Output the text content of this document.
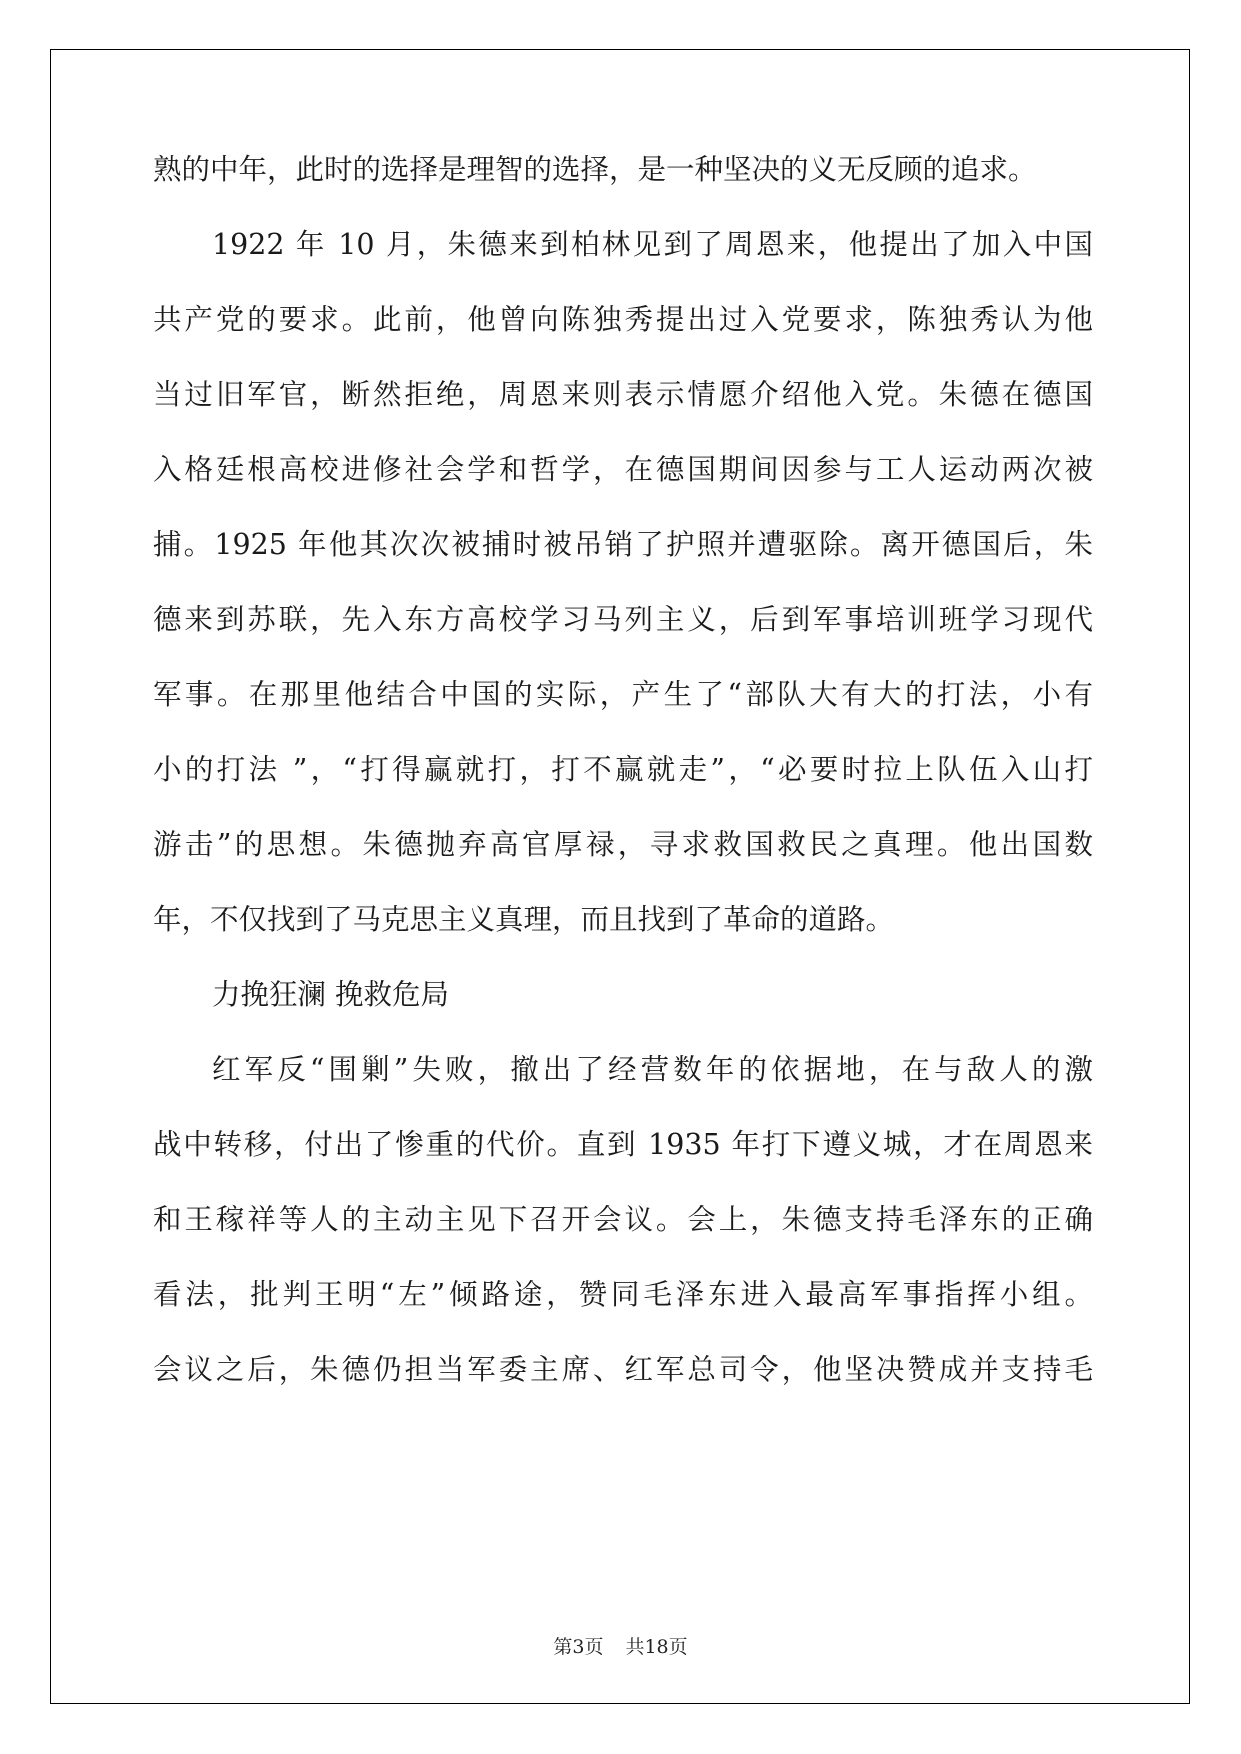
熟的中年，此时的选择是理智的选择，是一种坚决的义无反顾的追求。
1922 年 10 月，朱德来到柏林见到了周恩来，他提出了加入中国
共产党的要求。此前，他曾向陈独秀提出过入党要求，陈独秀认为他
当过旧军官，断然拒绝，周恩来则表示情愿介绍他入党。朱德在德国
入格廷根高校进修社会学和哲学，在德国期间因参与工人运动两次被
捕。1925 年他其次次被捕时被吊销了护照并遭驱除。离开德国后，朱
德来到苏联，先入东方高校学习马列主义，后到军事培训班学习现代
军事。在那里他结合中国的实际，产生了“部队大有大的打法，小有
小的打法 ”，“打得赢就打，打不赢就走”，“必要时拉上队伍入山打
游击”的思想。朱德抛弃高官厚禄，寻求救国救民之真理。他出国数
年，不仅找到了马克思主义真理，而且找到了革命的道路。
力挽狂澜 挽救危局
红军反“围剿”失败，撤出了经营数年的依据地，在与敌人的激
战中转移，付出了惨重的代价。直到 1935 年打下遵义城，才在周恩来
和王稼祥等人的主动主见下召开会议。会上，朱德支持毛泽东的正确
看法，批判王明“左”倾路途，赞同毛泽东进入最高军事指挥小组。
会议之后，朱德仍担当军委主席、红军总司令，他坚决赞成并支持毛
第3页 共18页
